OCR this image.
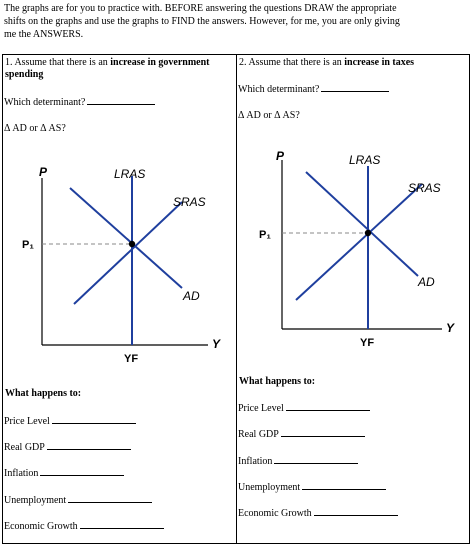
The graphs are for you to practice with. BEFORE answering the questions DRAW the appropriate shifts on the graphs and use the graphs to FIND the answers. However, for me, you are only giving me the ANSWERS.
1. Assume that there is an increase in government spending
Which determinant?
Δ AD or Δ AS?
P
P₁
LRAS
SRAS
AD
Y
YF
What happens to:
Price Level
Real GDP
Inflation
Unemployment
Economic Growth
2. Assume that there is an increase in taxes
Which determinant?
Δ AD or Δ AS?
P
P₁
LRAS
SRAS
AD
Y
YF
What happens to:
Price Level
Real GDP
Inflation
Unemployment
Economic Growth
